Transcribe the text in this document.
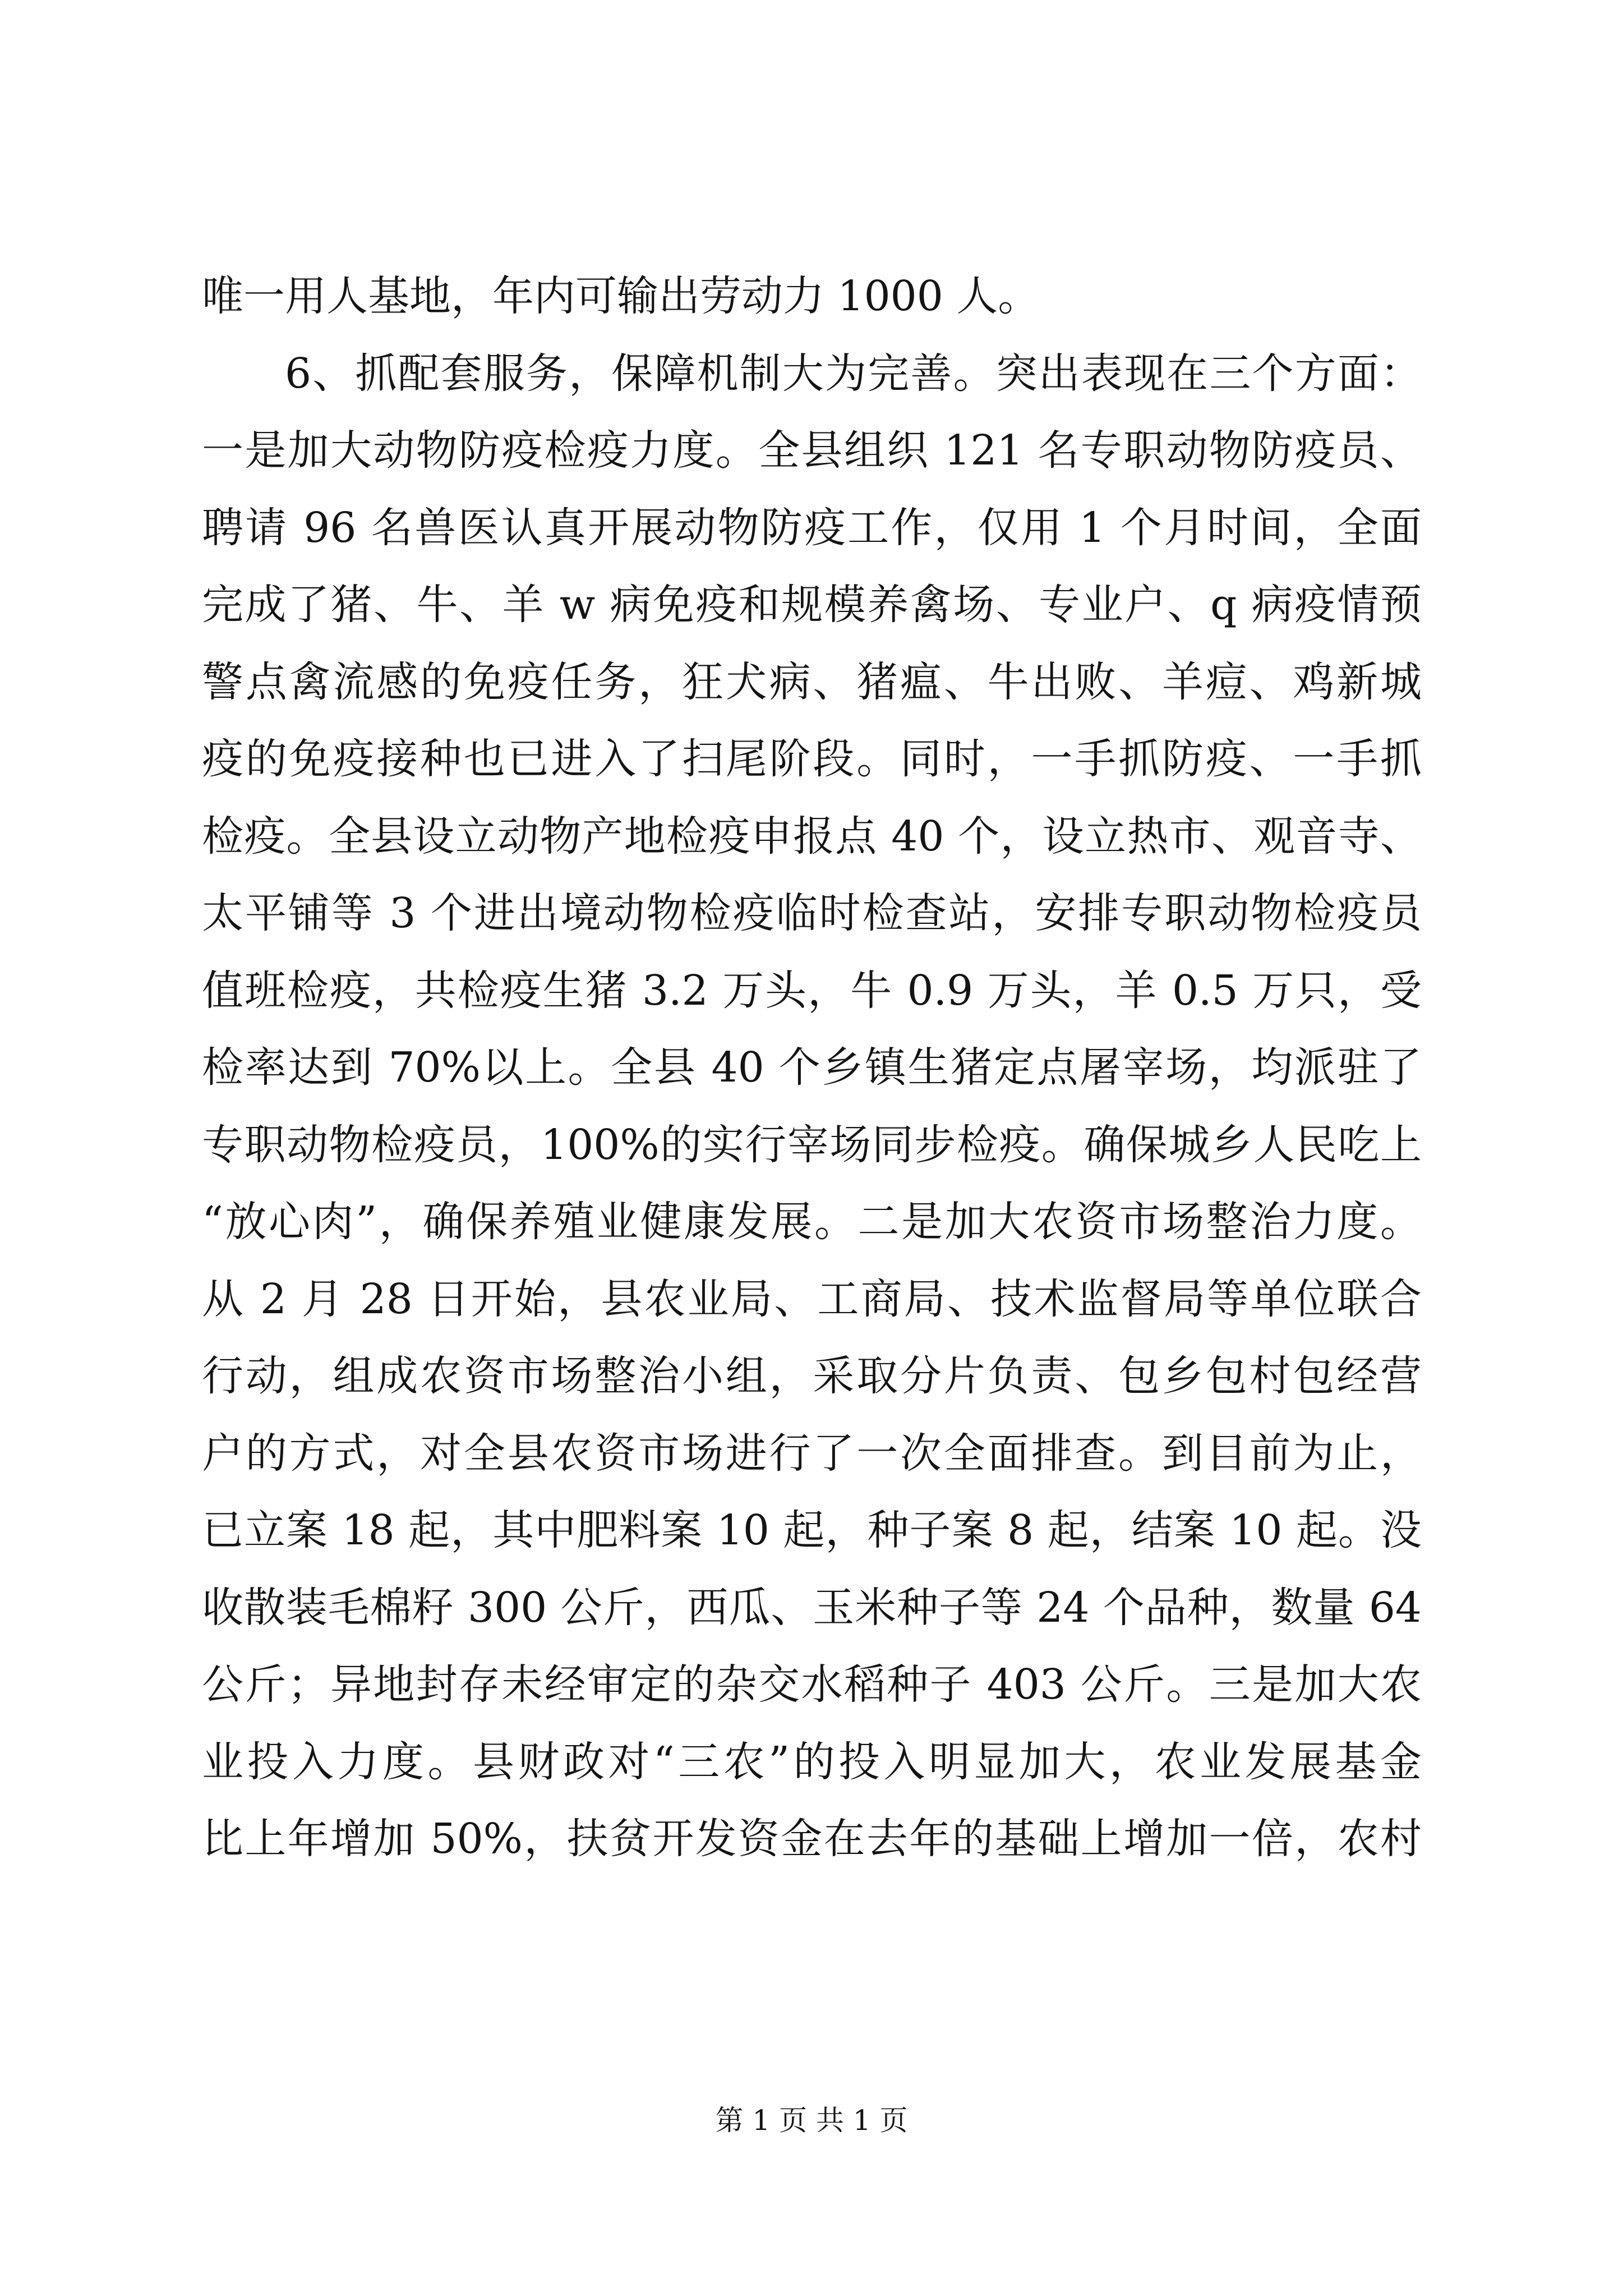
唯一用人基地，年内可输出劳动力 1000 人。
6、抓配套服务，保障机制大为完善。突出表现在三个方面：
一是加大动物防疫检疫力度。全县组织 121 名专职动物防疫员、
聘请 96 名兽医认真开展动物防疫工作，仅用 1 个月时间，全面
完成了猪、牛、羊 w 病免疫和规模养禽场、专业户、q 病疫情预
警点禽流感的免疫任务，狂犬病、猪瘟、牛出败、羊痘、鸡新城
疫的免疫接种也已进入了扫尾阶段。同时，一手抓防疫、一手抓
检疫。全县设立动物产地检疫申报点 40 个，设立热市、观音寺、
太平铺等 3 个进出境动物检疫临时检查站，安排专职动物检疫员
值班检疫，共检疫生猪 3.2 万头，牛 0.9 万头，羊 0.5 万只，受
检率达到 70%以上。全县 40 个乡镇生猪定点屠宰场，均派驻了
专职动物检疫员，100%的实行宰场同步检疫。确保城乡人民吃上
“放心肉”，确保养殖业健康发展。二是加大农资市场整治力度。
从 2 月 28 日开始，县农业局、工商局、技术监督局等单位联合
行动，组成农资市场整治小组，采取分片负责、包乡包村包经营
户的方式，对全县农资市场进行了一次全面排查。到目前为止，
已立案 18 起，其中肥料案 10 起，种子案 8 起，结案 10 起。没
收散装毛棉籽 300 公斤，西瓜、玉米种子等 24 个品种，数量 64
公斤；异地封存未经审定的杂交水稻种子 403 公斤。三是加大农
业投入力度。县财政对“三农”的投入明显加大，农业发展基金
比上年增加 50%，扶贫开发资金在去年的基础上增加一倍，农村
第 1 页 共 1 页
